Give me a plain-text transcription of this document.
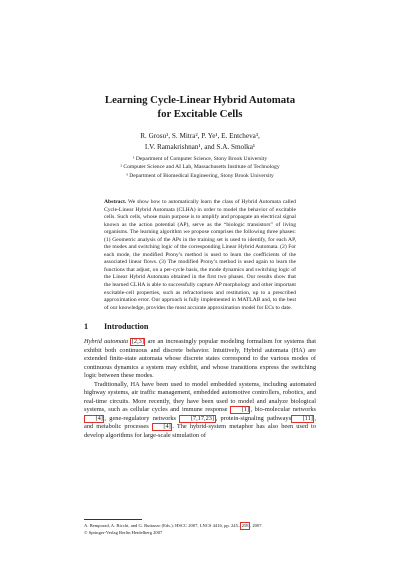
Learning Cycle-Linear Hybrid Automata
for Excitable Cells
R. Grosu¹, S. Mitra², P. Ye¹, E. Entcheva³,
I.V. Ramakrishnan¹, and S.A. Smolka¹
¹ Department of Computer Science, Stony Brook University
² Computer Science and AI Lab, Massachusetts Institute of Technology
³ Department of Biomedical Engineering, Stony Brook University
Abstract. We show how to automatically learn the class of Hybrid Automata called Cycle-Linear Hybrid Automata (CLHA) in order to model the behavior of excitable cells. Such cells, whose main purpose is to amplify and propagate an electrical signal known as the action potential (AP), serve as the “biologic transistors” of living organisms. The learning algorithm we propose comprises the following three phases: (1) Geometric analysis of the APs in the training set is used to identify, for each AP, the modes and switching logic of the corresponding Linear Hybrid Automata. (2) For each mode, the modified Prony’s method is used to learn the coefficients of the associated linear flows. (3) The modified Prony’s method is used again to learn the functions that adjust, on a per-cycle basis, the mode dynamics and switching logic of the Linear Hybrid Automata obtained in the first two phases. Our results show that the learned CLHA is able to successfully capture AP morphology and other important excitable-cell properties, such as refractoriness and restitution, up to a prescribed approximation error. Our approach is fully implemented in MATLAB and, to the best of our knowledge, provides the most accurate approximation model for ECs to date.
1 Introduction

Hybrid automata [2,3] are an increasingly popular modeling formalism for systems that exhibit both continuous and discrete behavior. Intuitively, Hybrid automata (HA) are extended finite-state automata whose discrete states correspond to the various modes of continuous dynamics a system may exhibit, and whose transitions express the switching logic between these modes.

Traditionally, HA have been used to model embedded systems, including automated highway systems, air traffic management, embedded automotive controllers, robotics, and real-time circuits. More recently, they have been used to model and analyze biological systems, such as cellular cycles and immune response [1] , bio-molecular networks [4] , gene-regulatory networks [7,17,23] , protein-signaling pathways [11] , and metabolic processes [4] . The hybrid-system metaphor has also been used to develop algorithms for large-scale simulation of

A. Bemporad, A. Bicchi, and G. Buttazzo (Eds.): HSCC 2007, LNCS 4416, pp. 245– 258 , 2007.
© Springer-Verlag Berlin Heidelberg 2007
